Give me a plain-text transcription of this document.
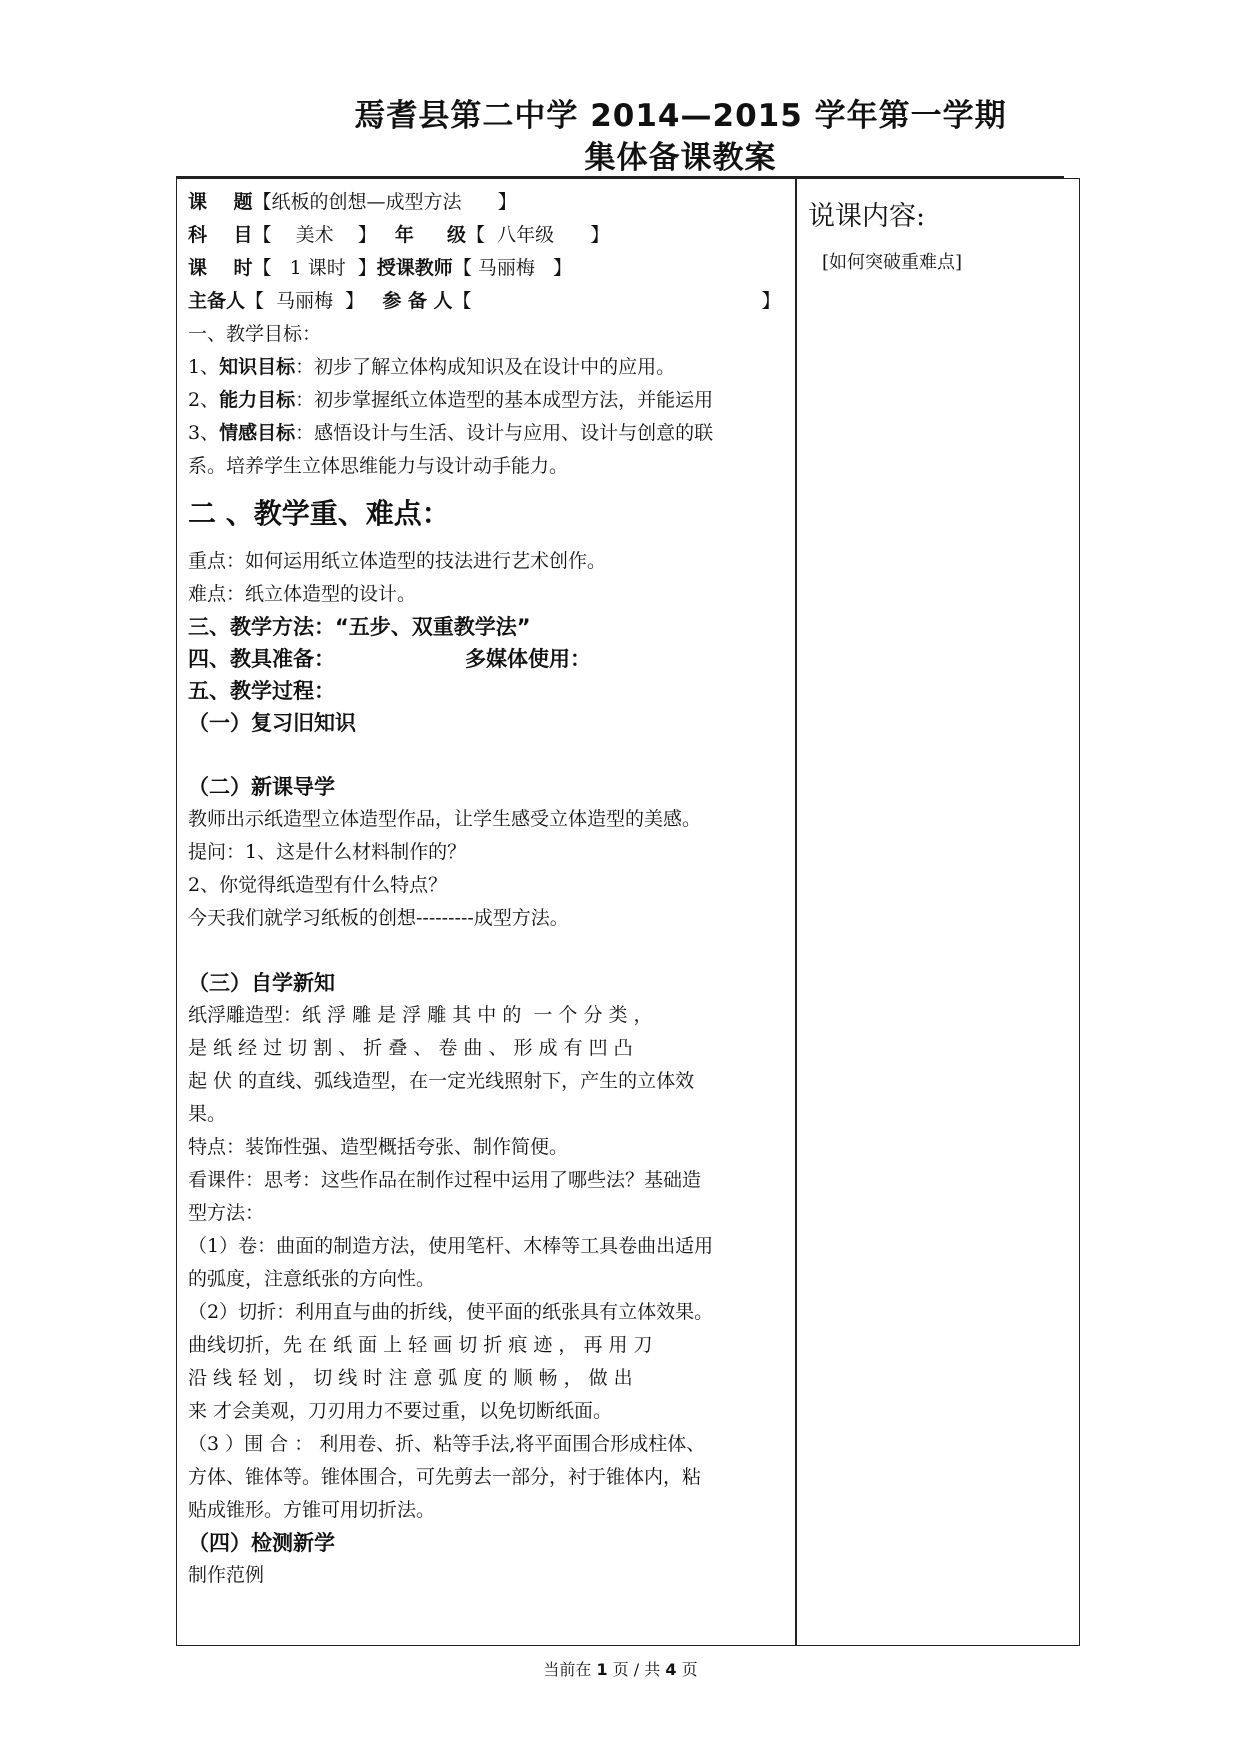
焉耆县第二中学 2014—2015 学年第一学期
集体备课教案
课    题【纸板的创想—成型方法      】
科    目【    美术    】 年     级【  八年级      】
课    时【   1 课时  】授课教师【 马丽梅   】
主备人【  马丽梅  】 参 备 人【                                                】
一、教学目标：
1、知识目标：初步了解立体构成知识及在设计中的应用。
2、能力目标：初步掌握纸立体造型的基本成型方法，并能运用
3、情感目标：感悟设计与生活、设计与应用、设计与创意的联
系。培养学生立体思维能力与设计动手能力。
二 、教学重、难点：
重点：如何运用纸立体造型的技法进行艺术创作。
难点：纸立体造型的设计。
三、教学方法：“五步、双重教学法”
四、教具准备：	多媒体使用：
五、教学过程：
（一）复习旧知识
（二）新课导学
教师出示纸造型立体造型作品，让学生感受立体造型的美感。
提问：1、这是什么材料制作的？
2、你觉得纸造型有什么特点？
今天我们就学习纸板的创想---------成型方法。
（三）自学新知
纸浮雕造型：纸 浮 雕 是 浮 雕 其 中 的  一 个 分 类 ，
是 纸 经 过 切 割 、 折 叠 、 卷 曲 、 形 成 有 凹 凸
起 伏 的直线、弧线造型，在一定光线照射下，产生的立体效
果。
特点：装饰性强、造型概括夸张、制作简便。
看课件：思考：这些作品在制作过程中运用了哪些法？基础造
型方法：
（1）卷：曲面的制造方法，使用笔杆、木棒等工具卷曲出适用
的弧度，注意纸张的方向性。
（2）切折：利用直与曲的折线，使平面的纸张具有立体效果。
曲线切折，先 在 纸 面 上 轻 画 切 折 痕 迹 ， 再 用 刀
沿 线 轻 划 ， 切 线 时 注 意 弧 度 的 顺 畅 ， 做 出
来 才会美观，刀刃用力不要过重，以免切断纸面。
（3 ）围 合 ： 利用卷、折、粘等手法,将平面围合形成柱体、
方体、锥体等。锥体围合，可先剪去一部分，衬于锥体内，粘
贴成锥形。方锥可用切折法。
（四）检测新学
制作范例
说课内容:
[如何突破重难点]
当前在 1 页 / 共 4 页
